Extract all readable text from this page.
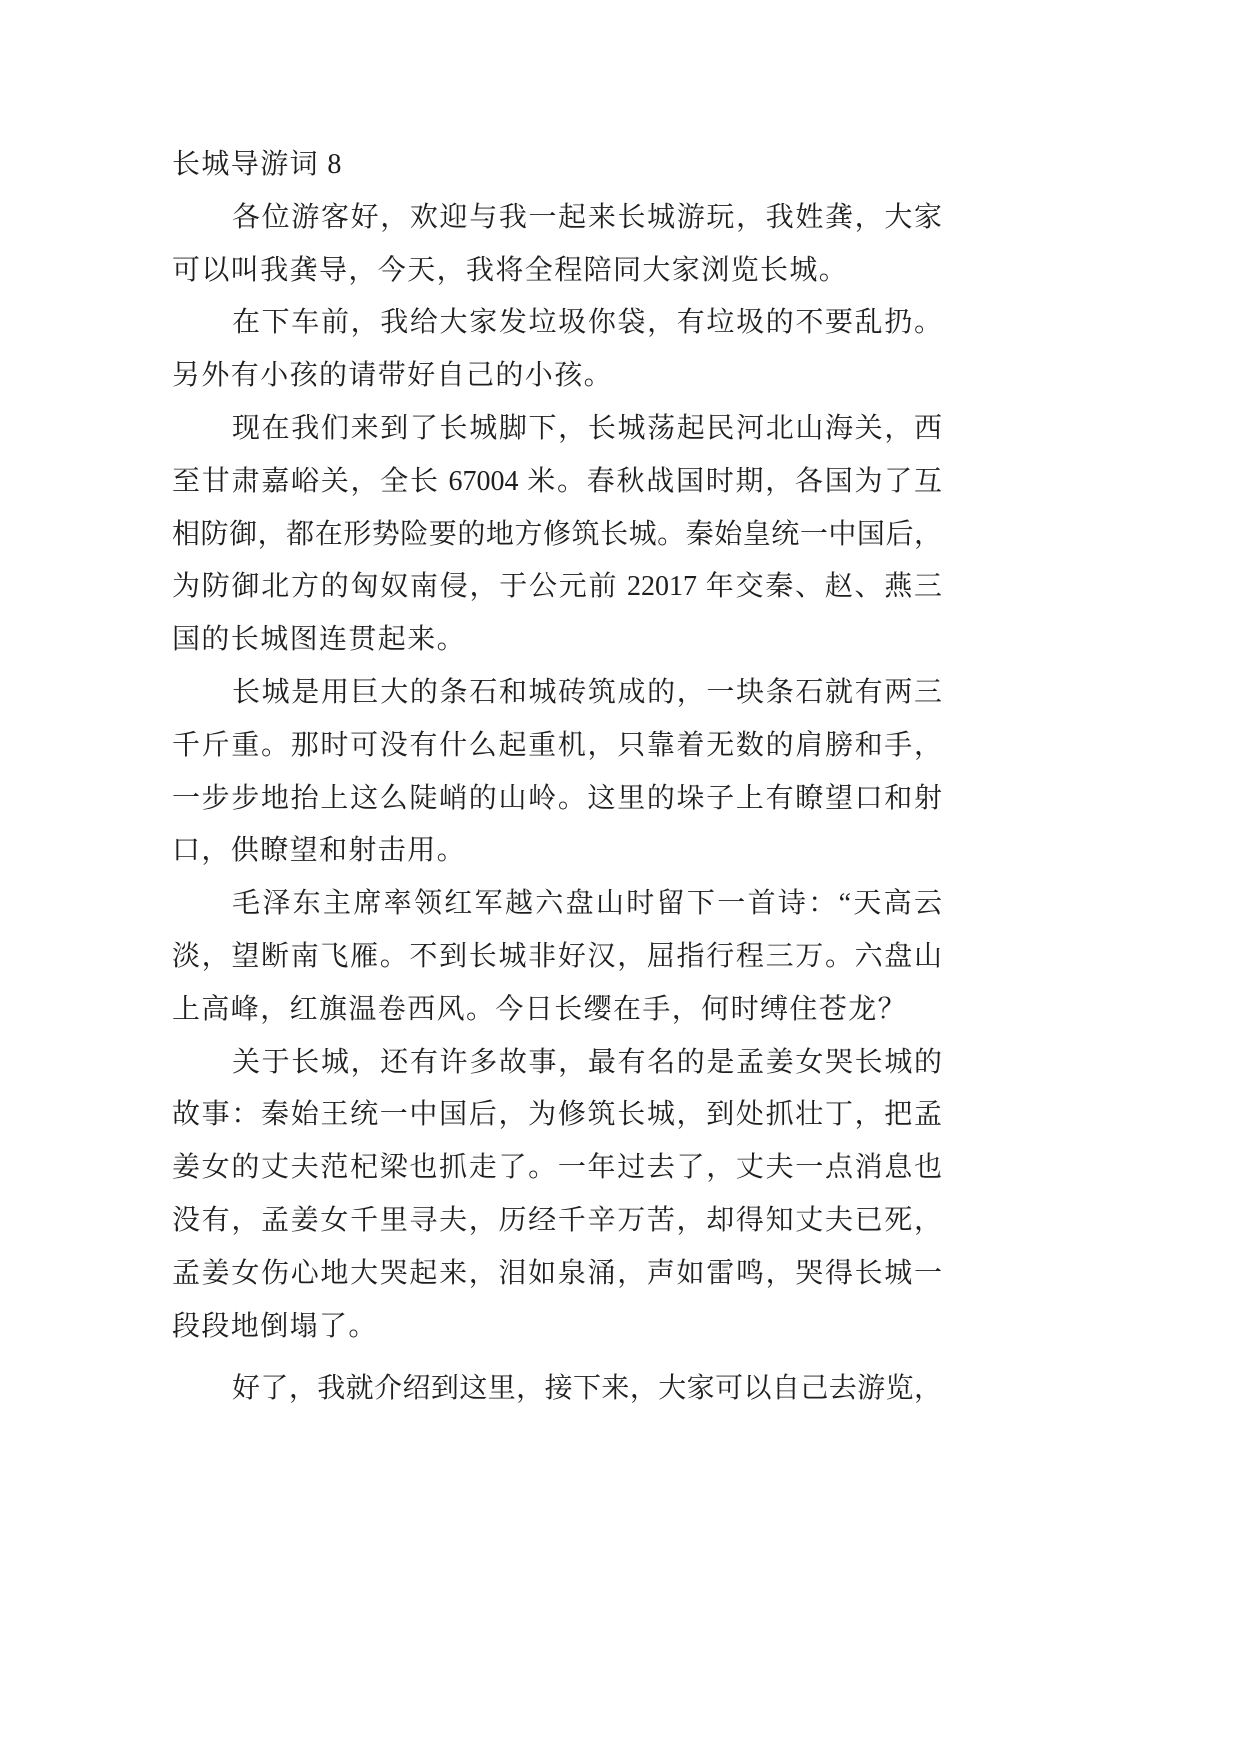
长城导游词 8
各位游客好，欢迎与我一起来长城游玩，我姓龚，大家
可以叫我龚导，今天，我将全程陪同大家浏览长城。
在下车前，我给大家发垃圾你袋，有垃圾的不要乱扔。
另外有小孩的请带好自己的小孩。
现在我们来到了长城脚下，长城荡起民河北山海关，西
至甘肃嘉峪关，全长 67004 米。春秋战国时期，各国为了互
相防御，都在形势险要的地方修筑长城。秦始皇统一中国后，
为防御北方的匈奴南侵，于公元前 22017 年交秦、赵、燕三
国的长城图连贯起来。
长城是用巨大的条石和城砖筑成的，一块条石就有两三
千斤重。那时可没有什么起重机，只靠着无数的肩膀和手，
一步步地抬上这么陡峭的山岭。这里的垛子上有瞭望口和射
口，供瞭望和射击用。
毛泽东主席率领红军越六盘山时留下一首诗：“天高云
淡，望断南飞雁。不到长城非好汉，屈指行程三万。六盘山
上高峰，红旗温卷西风。今日长缨在手，何时缚住苍龙？
关于长城，还有许多故事，最有名的是孟姜女哭长城的
故事：秦始王统一中国后，为修筑长城，到处抓壮丁，把孟
姜女的丈夫范杞梁也抓走了。一年过去了，丈夫一点消息也
没有，孟姜女千里寻夫，历经千辛万苦，却得知丈夫已死，
孟姜女伤心地大哭起来，泪如泉涌，声如雷鸣，哭得长城一
段段地倒塌了。
好了，我就介绍到这里，接下来，大家可以自己去游览，
